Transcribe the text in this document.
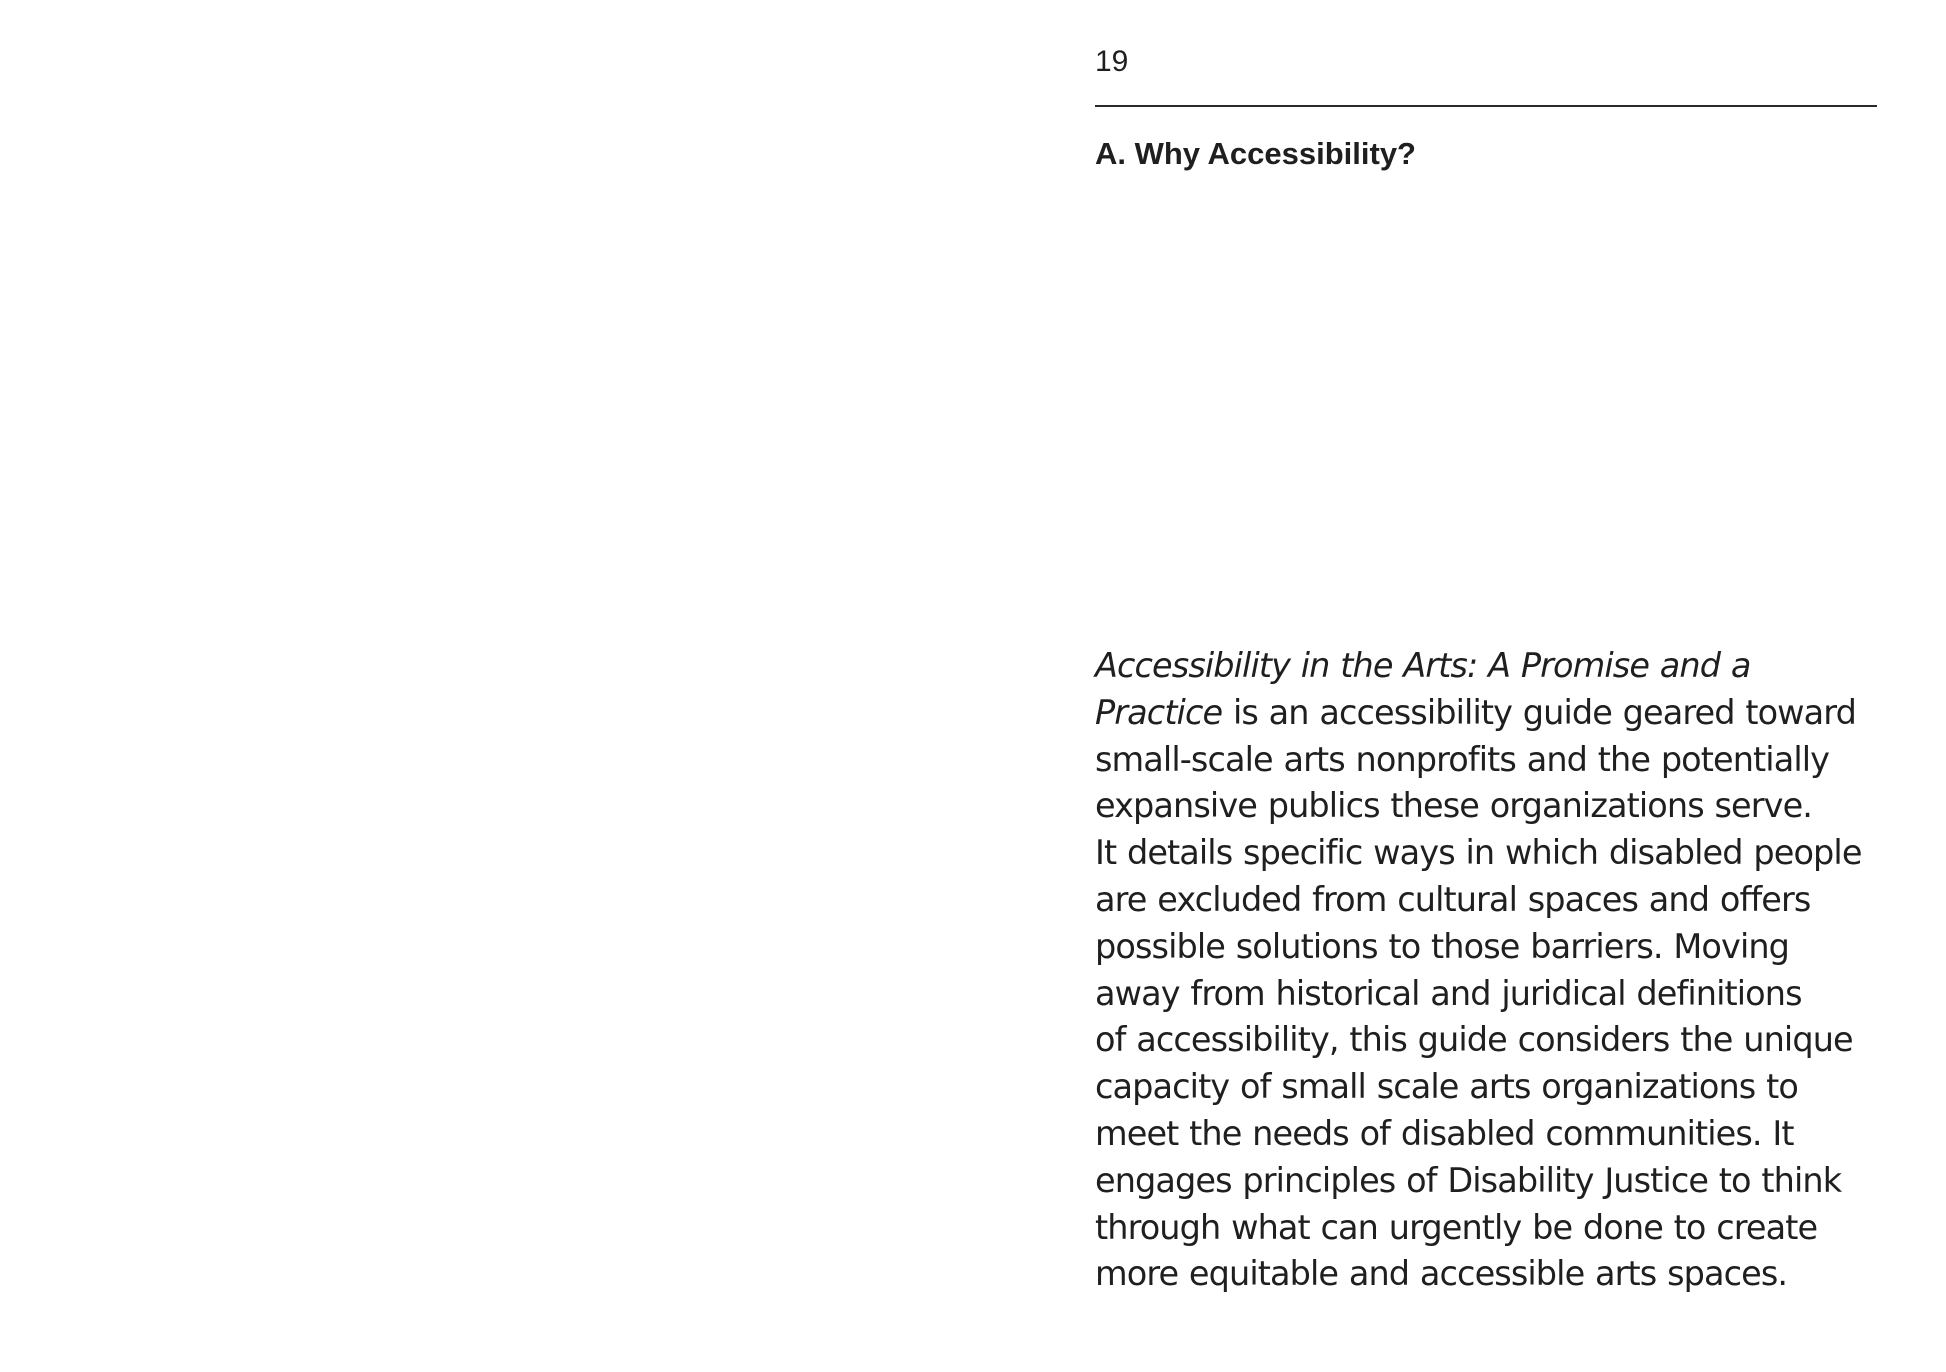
19
A. Why Accessibility?

Accessibility in the Arts: A Promise and a
Practice is an accessibility guide geared toward
small-scale arts nonprofits and the potentially
expansive publics these organizations serve.
It details specific ways in which disabled people
are excluded from cultural spaces and offers
possible solutions to those barriers. Moving
away from historical and juridical definitions
of accessibility, this guide considers the unique
capacity of small scale arts organizations to
meet the needs of disabled communities. It
engages principles of Disability Justice to think
through what can urgently be done to create
more equitable and accessible arts spaces.
